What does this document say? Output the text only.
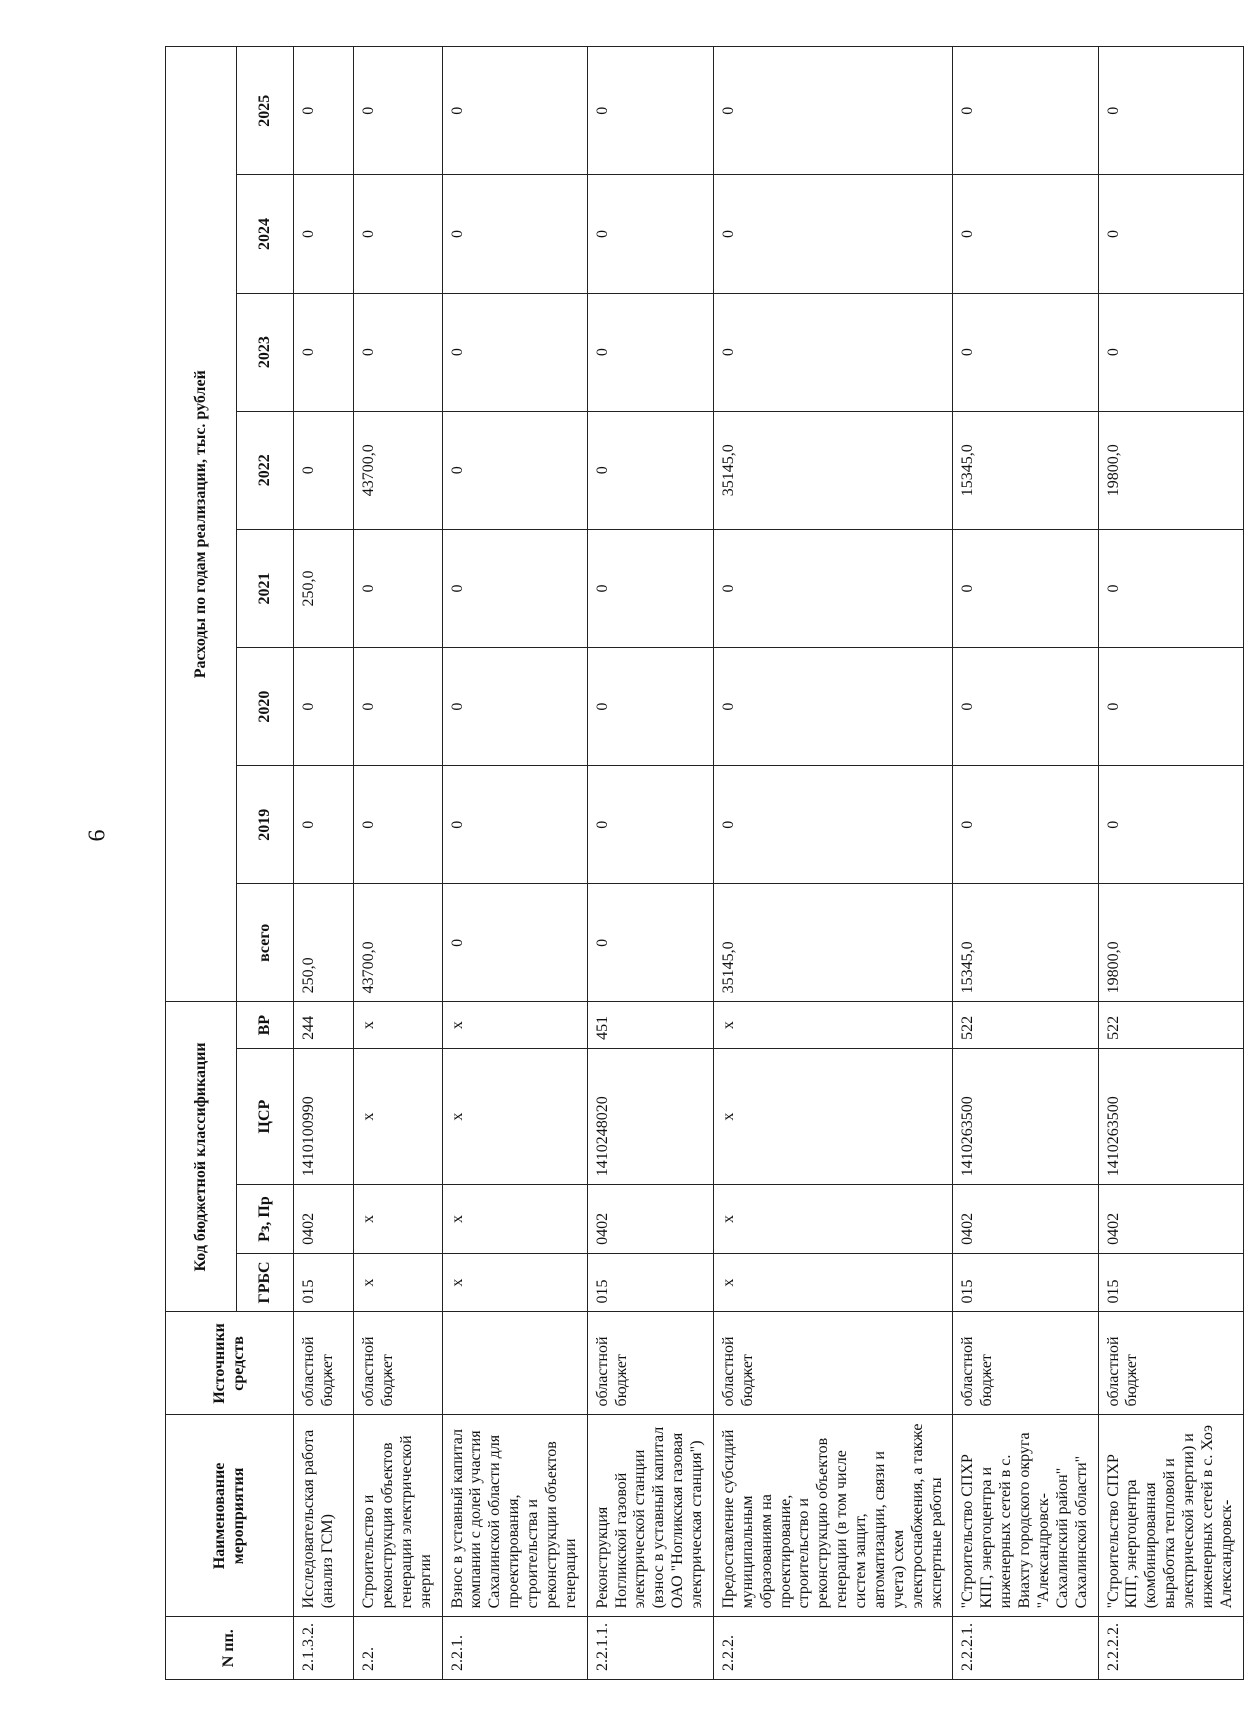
6
N пп.	Наименование мероприятия	Источники средств	Код бюджетной классификации				Расходы по годам реализации, тыс. рублей							
			ГРБС	Рз, Пр	ЦСР	ВР	всего	2019	2020	2021	2022	2023	2024	2025
2.1.3.2.	Исследовательская работа (анализ ГСМ)	областной бюджет	015	0402	1410100990	244	250,0	0	0	250,0	0	0	0	0
2.2.	Строительство и реконструкция объектов генерации электрической энергии	областной бюджет	х	х	х	х	43700,0	0	0	0	43700,0	0	0	0
2.2.1.	Взнос в уставный капитал компании с долей участия Сахалинской области для проектирования, строительства и реконструкции объектов генерации		х	х	х	х	0	0	0	0	0	0	0	0
2.2.1.1.	Реконструкция Ногликской газовой электрической станции (взнос в уставный капитал ОАО "Ногликская газовая электрическая станция")	областной бюджет	015	0402	1410248020	451	0	0	0	0	0	0	0	0
2.2.2.	Предоставление субсидий муниципальным образованиям на проектирование, строительство и реконструкцию объектов генерации (в том числе систем защит, автоматизации, связи и учета) схем электроснабжения, а также экспертные работы	областной бюджет	х	х	х	х	35145,0	0	0	0	35145,0	0	0	0
2.2.2.1.	"Строительство СПХР КПГ, энергоцентра и инженерных сетей в с. Виахту городского округа "Александровск-Сахалинский район" Сахалинской области"	областной бюджет	015	0402	1410263500	522	15345,0	0	0	0	15345,0	0	0	0
2.2.2.2.	"Строительство СПХР КПГ, энергоцентра (комбинированная выработка тепловой и электрической энергии) и инженерных сетей в с. Хоэ Александровск-	областной бюджет	015	0402	1410263500	522	19800,0	0	0	0	19800,0	0	0	0
